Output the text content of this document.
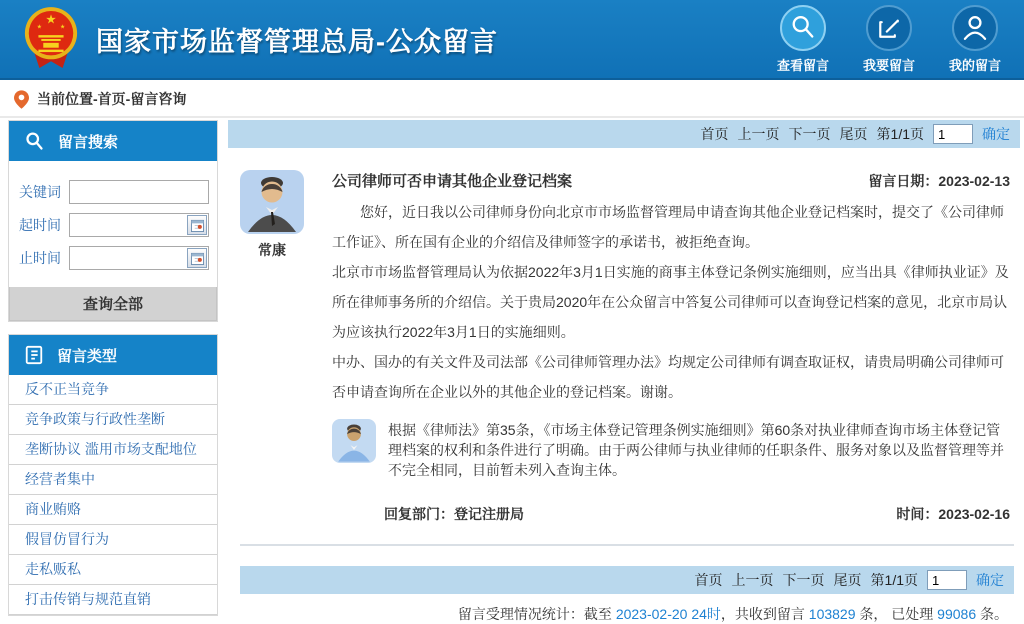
★
★	★ 国家市场监督管理总局-公众留言
查看留言	我要留言	我的留言
当前位置-首页-留言咨询
留言搜索
关键词
起时间
止时间
查询全部
留言类型
反不正当竞争
竞争政策与行政性垄断
垄断协议 滥用市场支配地位
经营者集中
商业贿赂
假冒仿冒行为
走私贩私
打击传销与规范直销
首页 上一页 下一页 尾页 第1/1页
1	确定
常康
公司律师可否申请其他企业登记档案	留言日期：2023-02-13

您好，近日我以公司律师身份向北京市市场监督管理局申请查询其他企业登记档案时，提交了《公司律师工作证》、所在国有企业的介绍信及律师签字的承诺书，被拒绝查询。

北京市市场监督管理局认为依据2022年3月1日实施的商事主体登记条例实施细则，应当出具《律师执业证》及所在律师事务所的介绍信。关于贵局2020年在公众留言中答复公司律师可以查询登记档案的意见，北京市局认为应该执行2022年3月1日的实施细则。

中办、国办的有关文件及司法部《公司律师管理办法》均规定公司律师有调查取证权，请贵局明确公司律师可否申请查询所在企业以外的其他企业的登记档案。谢谢。

根据《律师法》第35条，《市场主体登记管理条例实施细则》第60条对执业律师查询市场主体登记管理档案的权利和条件进行了明确。由于两公律师与执业律师的任职条件、服务对象以及监督管理等并不完全相同，目前暂未列入查询主体。
回复部门：登记注册局	时间：2023-02-16
首页 上一页 下一页 尾页 第1/1页
1	确定
留言受理情况统计：截至 2023-02-20 24时，共收到留言 103829 条， 已处理 99086 条。
